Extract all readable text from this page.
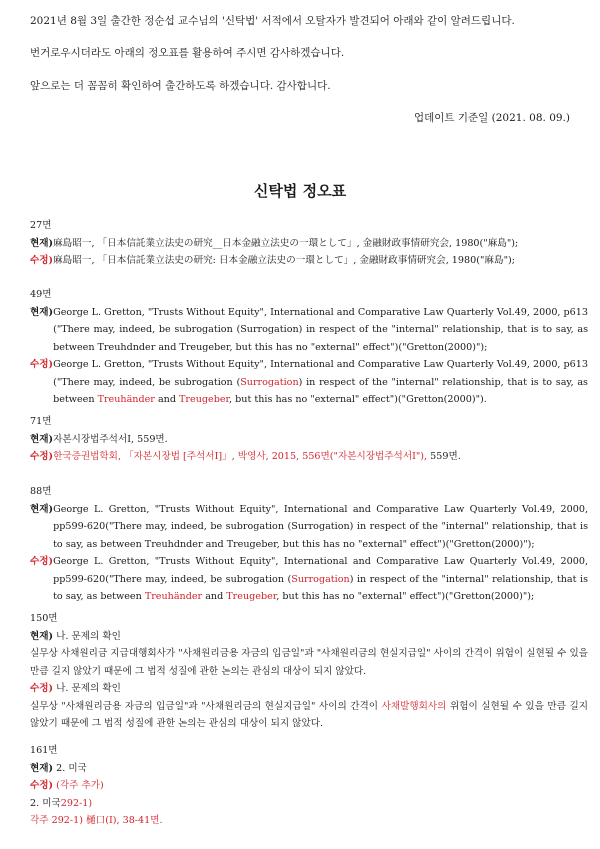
2021년 8월 3일 출간한 정순섭 교수님의 '신탁법' 서적에서 오탈자가 발견되어 아래와 같이 알려드립니다.
번거로우시더라도 아래의 정오표를 활용하여 주시면 감사하겠습니다.
앞으로는 더 꼼꼼히 확인하여 출간하도록 하겠습니다. 감사합니다.
업데이트 기준일 (2021. 08. 09.)
신탁법 정오표
27면
현재) 麻島昭一, 「日本信託業立法史の研究__日本金融立法史の一環として」, 金融財政事情研究会, 1980("麻島");
수정) 麻島昭一, 「日本信託業立法史の研究: 日本金融立法史の一環として」, 金融財政事情研究会, 1980("麻島");
49면
현재) George L. Gretton, "Trusts Without Equity", International and Comparative Law Quarterly Vol.49, 2000, p613 ("There may, indeed, be subrogation (Surrogation) in respect of the "internal" relationship, that is to say, as between Treuhdnder and Treugeber, but this has no "external" effect")("Gretton(2000)");
수정) George L. Gretton, "Trusts Without Equity", International and Comparative Law Quarterly Vol.49, 2000, p613 ("There may, indeed, be subrogation (Surrogation) in respect of the "internal" relationship, that is to say, as between Treuhänder and Treugeber, but this has no "external" effect")("Gretton(2000)").
71면
현재) 자본시장법주석서I, 559면.
수정) 한국증권법학회, 「자본시장법 [주석서I]」, 박영사, 2015, 556면("자본시장법주석서I"), 559면.
88면
현재) George L. Gretton, "Trusts Without Equity", International and Comparative Law Quarterly Vol.49, 2000, pp599-620("There may, indeed, be subrogation (Surrogation) in respect of the "internal" relationship, that is to say, as between Treuhdnder and Treugeber, but this has no "external" effect")("Gretton(2000)");
수정) George L. Gretton, "Trusts Without Equity", International and Comparative Law Quarterly Vol.49, 2000, pp599-620("There may, indeed, be subrogation (Surrogation) in respect of the "internal" relationship, that is to say, as between Treuhänder and Treugeber, but this has no "external" effect")("Gretton(2000)");
150면
현재) 나. 문제의 확인
실무상 사채원리금 지급대행회사가 "사채원리금용 자금의 입금일"과 "사채원리금의 현실지급일" 사이의 간격이 위험이 실현될 수 있을 만큼 길지 않았기 때문에 그 법적 성질에 관한 논의는 관심의 대상이 되지 않았다.
수정) 나. 문제의 확인
실무상 "사채원리금용 자금의 입금일"과 "사채원리금의 현실지급일" 사이의 간격이 사채발행회사의 위험이 실현될 수 있을 만큼 길지 않았기 때문에 그 법적 성질에 관한 논의는 관심의 대상이 되지 않았다.
161면
현재) 2. 미국
수정) (각주 추가)
2. 미국292-1)
각주 292-1) 樋口(I), 38-41면.
